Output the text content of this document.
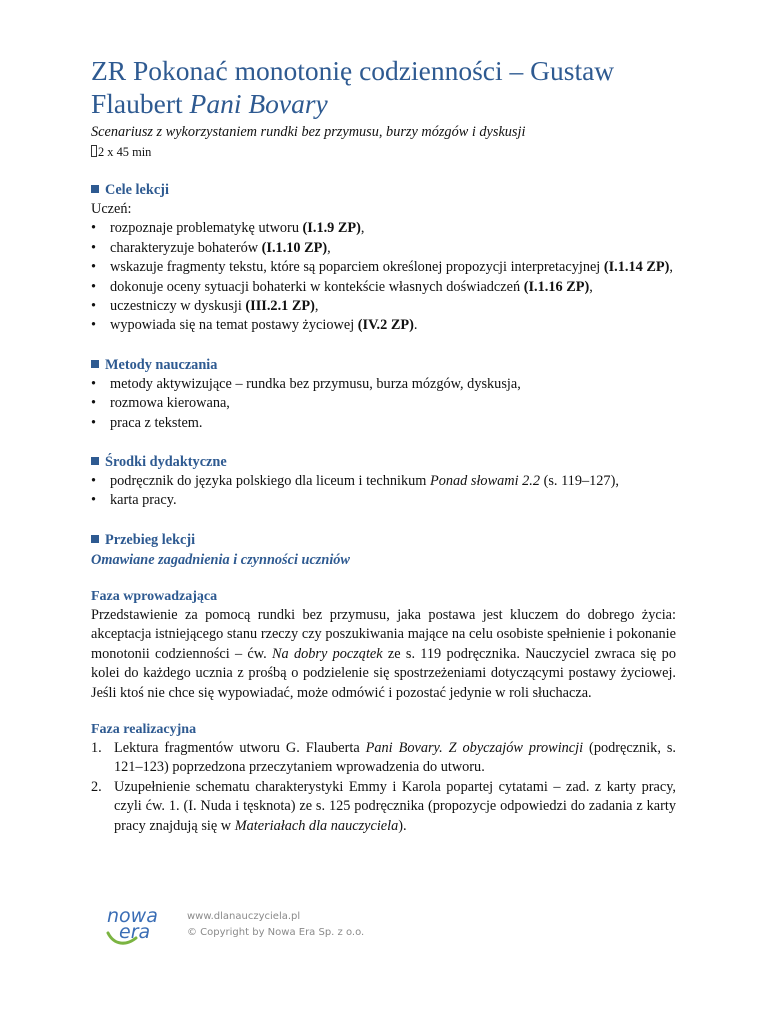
ZR Pokonać monotonię codzienności – Gustaw Flaubert Pani Bovary
Scenariusz z wykorzystaniem rundki bez przymusu, burzy mózgów i dyskusji
2 x 45 min
Cele lekcji
Uczeń:
• rozpoznaje problematykę utworu (I.1.9 ZP),
• charakteryzuje bohaterów (I.1.10 ZP),
• wskazuje fragmenty tekstu, które są poparciem określonej propozycji interpretacyjnej (I.1.14 ZP),
• dokonuje oceny sytuacji bohaterki w kontekście własnych doświadczeń (I.1.16 ZP),
• uczestniczy w dyskusji (III.2.1 ZP),
• wypowiada się na temat postawy życiowej (IV.2 ZP).
Metody nauczania
• metody aktywizujące – rundka bez przymusu, burza mózgów, dyskusja,
• rozmowa kierowana,
• praca z tekstem.
Środki dydaktyczne
• podręcznik do języka polskiego dla liceum i technikum Ponad słowami 2.2 (s. 119–127),
• karta pracy.
Przebieg lekcji
Omawiane zagadnienia i czynności uczniów
Faza wprowadzająca
Przedstawienie za pomocą rundki bez przymusu, jaka postawa jest kluczem do dobrego życia: akceptacja istniejącego stanu rzeczy czy poszukiwania mające na celu osobiste spełnienie i pokonanie monotonii codzienności – ćw. Na dobry początek ze s. 119 podręcznika. Nauczyciel zwraca się po kolei do każdego ucznia z prośbą o podzielenie się spostrzeżeniami dotyczącymi postawy życiowej. Jeśli ktoś nie chce się wypowiadać, może odmówić i pozostać jedynie w roli słuchacza.
Faza realizacyjna
1. Lektura fragmentów utworu G. Flauberta Pani Bovary. Z obyczajów prowincji (podręcznik, s. 121–123) poprzedzona przeczytaniem wprowadzenia do utworu.
2. Uzupełnienie schematu charakterystyki Emmy i Karola popartej cytatami – zad. z karty pracy, czyli ćw. 1. (I. Nuda i tęsknota) ze s. 125 podręcznika (propozycje odpowiedzi do zadania z karty pracy znajdują się w Materiałach dla nauczyciela).
nowa
era
www.dlanauczyciela.pl
© Copyright by Nowa Era Sp. z o.o.
